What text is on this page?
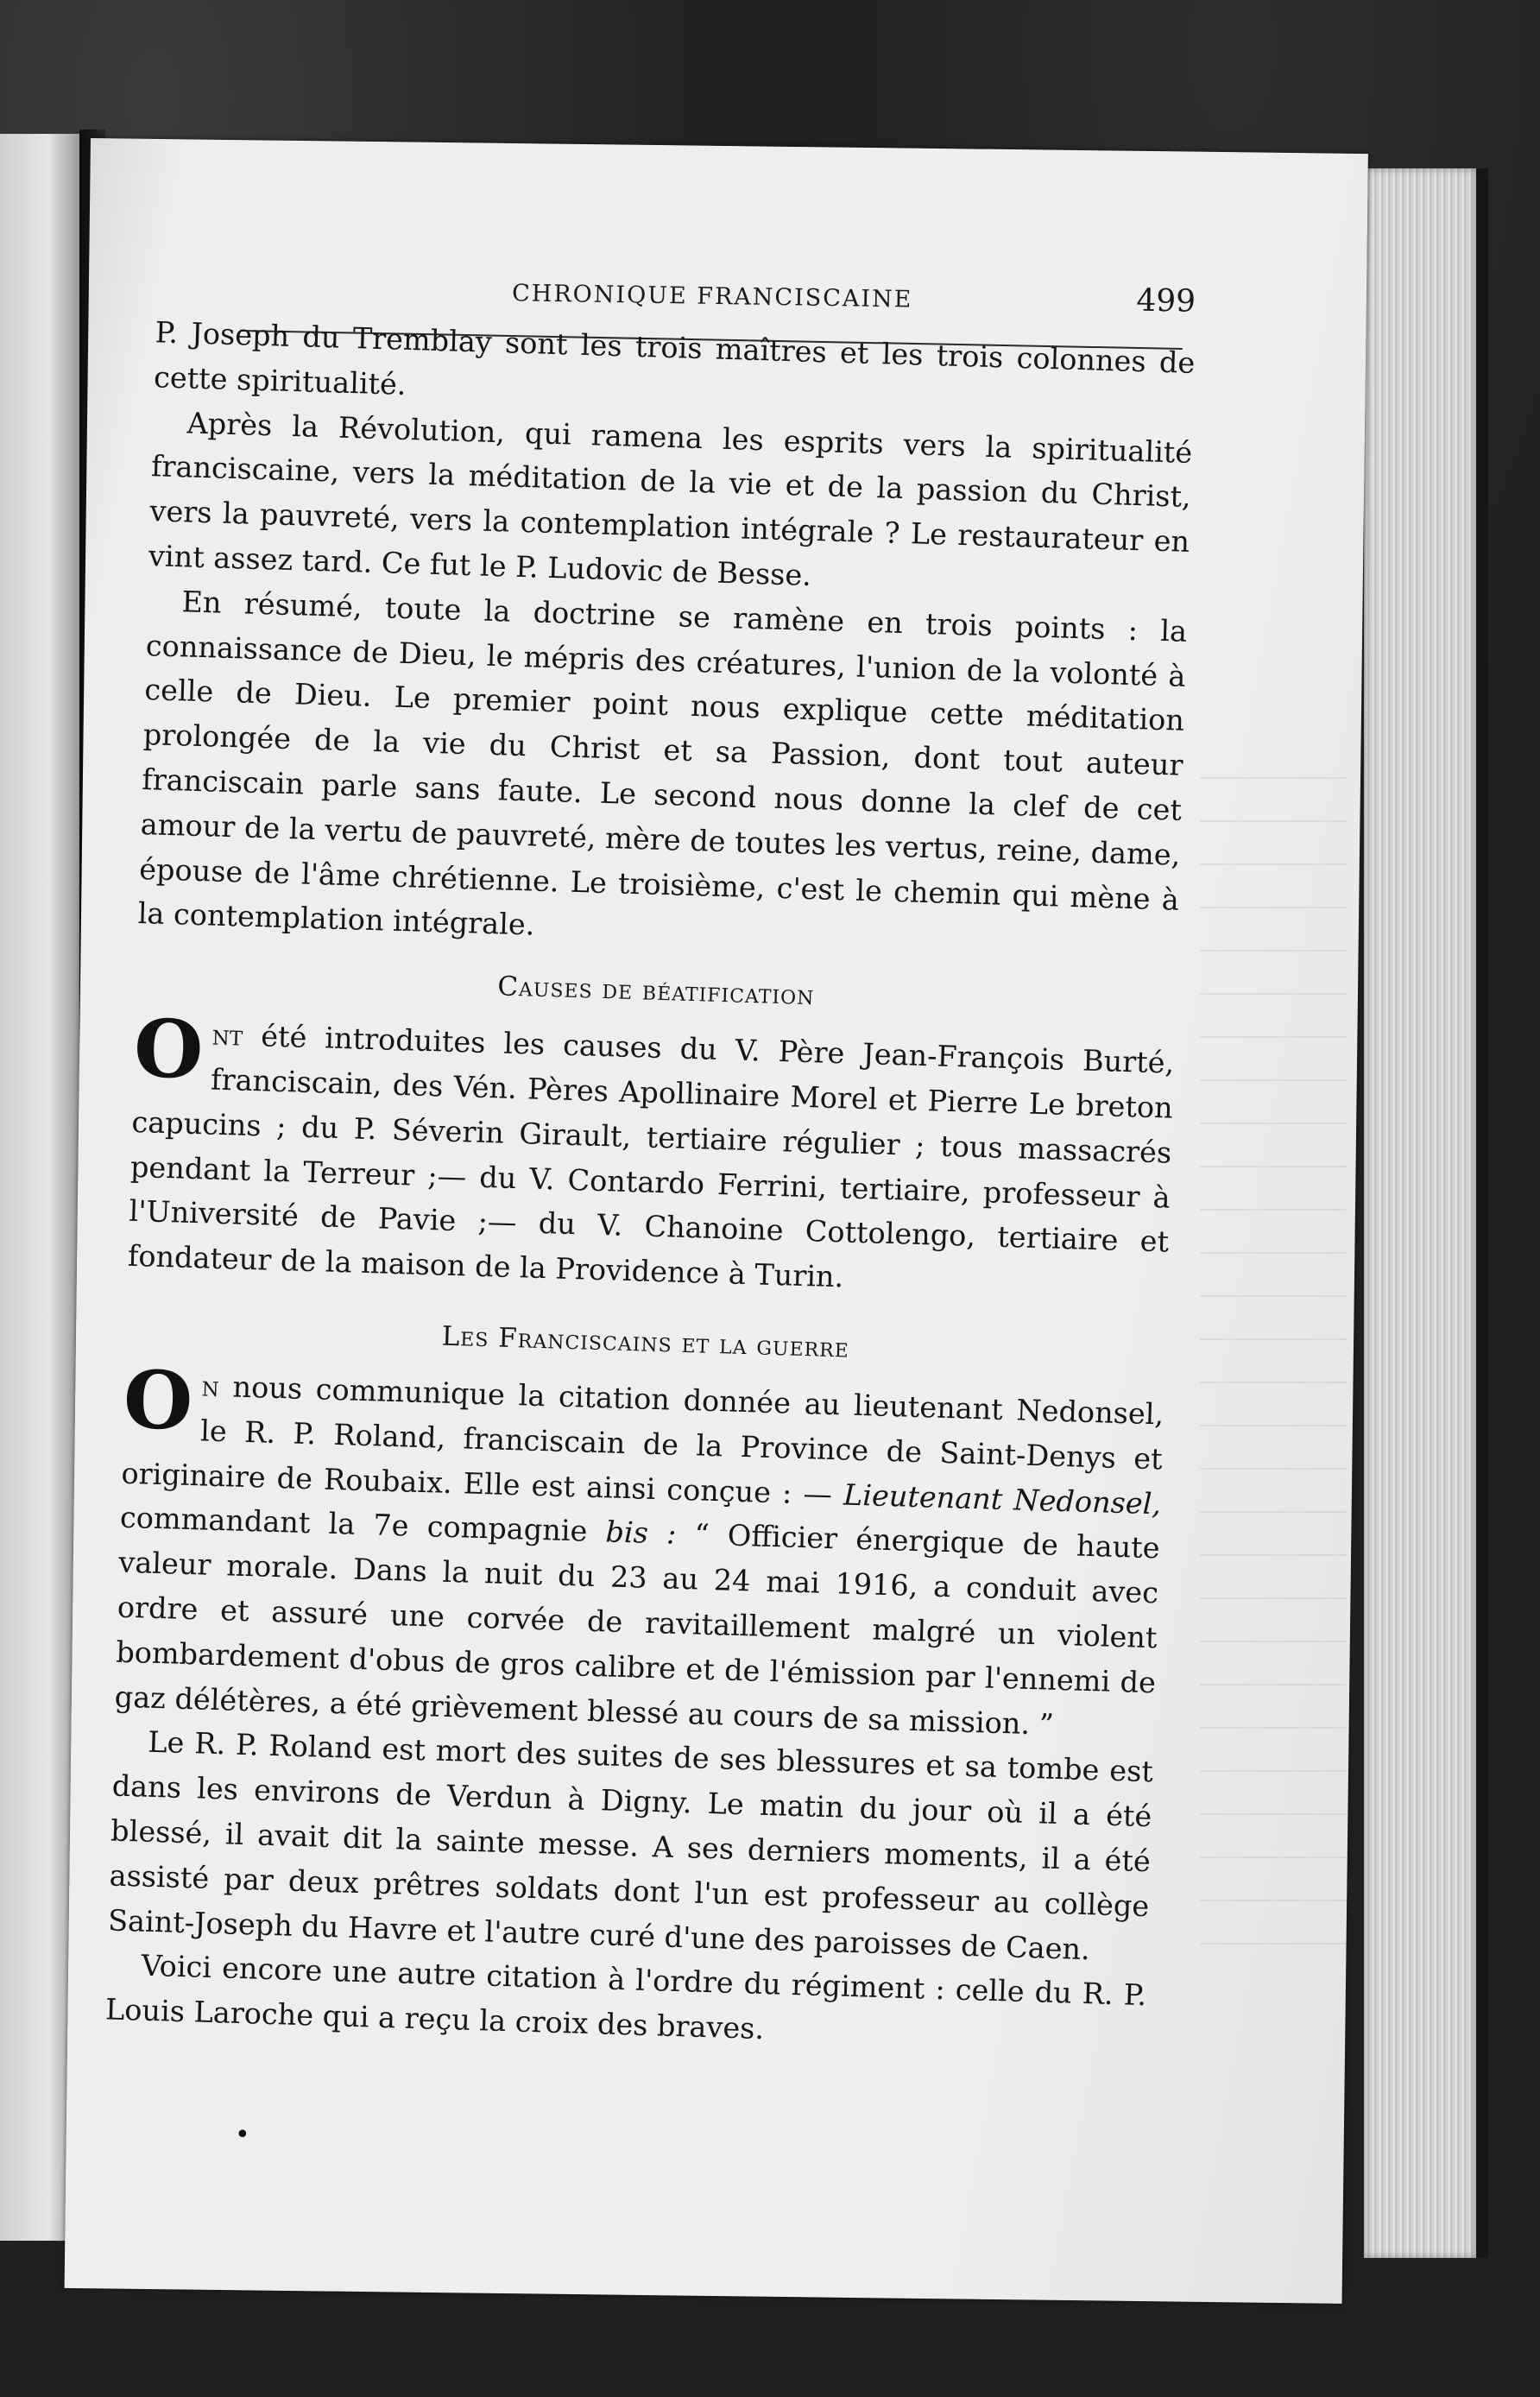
CHRONIQUE FRANCISCAINE	499

P. Joseph du Tremblay sont les trois maîtres et les trois colonnes de cette spiritualité.

Après la Révolution, qui ramena les esprits vers la spiritualité franciscaine, vers la méditation de la vie et de la passion du Christ, vers la pauvreté, vers la contemplation intégrale ? Le restaurateur en vint assez tard. Ce fut le P. Ludovic de Besse.

En résumé, toute la doctrine se ramène en trois points : la connaissance de Dieu, le mépris des créatures, l'union de la volonté à celle de Dieu. Le premier point nous explique cette méditation prolongée de la vie du Christ et sa Passion, dont tout auteur franciscain parle sans faute. Le second nous donne la clef de cet amour de la vertu de pauvreté, mère de toutes les vertus, reine, dame, épouse de l'âme chrétienne. Le troisième, c'est le chemin qui mène à la contemplation intégrale.

Causes de béatification

Ont été introduites les causes du V. Père Jean-François Burté, franciscain, des Vén. Pères Apollinaire Morel et Pierre Le breton capucins ; du P. Séverin Girault, tertiaire régulier ; tous massacrés pendant la Terreur ;— du V. Contardo Ferrini, tertiaire, professeur à l'Université de Pavie ;— du V. Chanoine Cottolengo, tertiaire et fondateur de la maison de la Providence à Turin.

Les Franciscains et la guerre

On nous communique la citation donnée au lieutenant Nedonsel, le R. P. Roland, franciscain de la Province de Saint-Denys et originaire de Roubaix. Elle est ainsi conçue : — Lieutenant Nedonsel, commandant la 7e compagnie bis : “ Officier énergique de haute valeur morale. Dans la nuit du 23 au 24 mai 1916, a conduit avec ordre et assuré une corvée de ravitaillement malgré un violent bombardement d'obus de gros calibre et de l'émission par l'ennemi de gaz délétères, a été grièvement blessé au cours de sa mission. ”

Le R. P. Roland est mort des suites de ses blessures et sa tombe est dans les environs de Verdun à Digny. Le matin du jour où il a été blessé, il avait dit la sainte messe. A ses derniers moments, il a été assisté par deux prêtres soldats dont l'un est professeur au collège Saint-Joseph du Havre et l'autre curé d'une des paroisses de Caen.

Voici encore une autre citation à l'ordre du régiment : celle du R. P. Louis Laroche qui a reçu la croix des braves.

•
